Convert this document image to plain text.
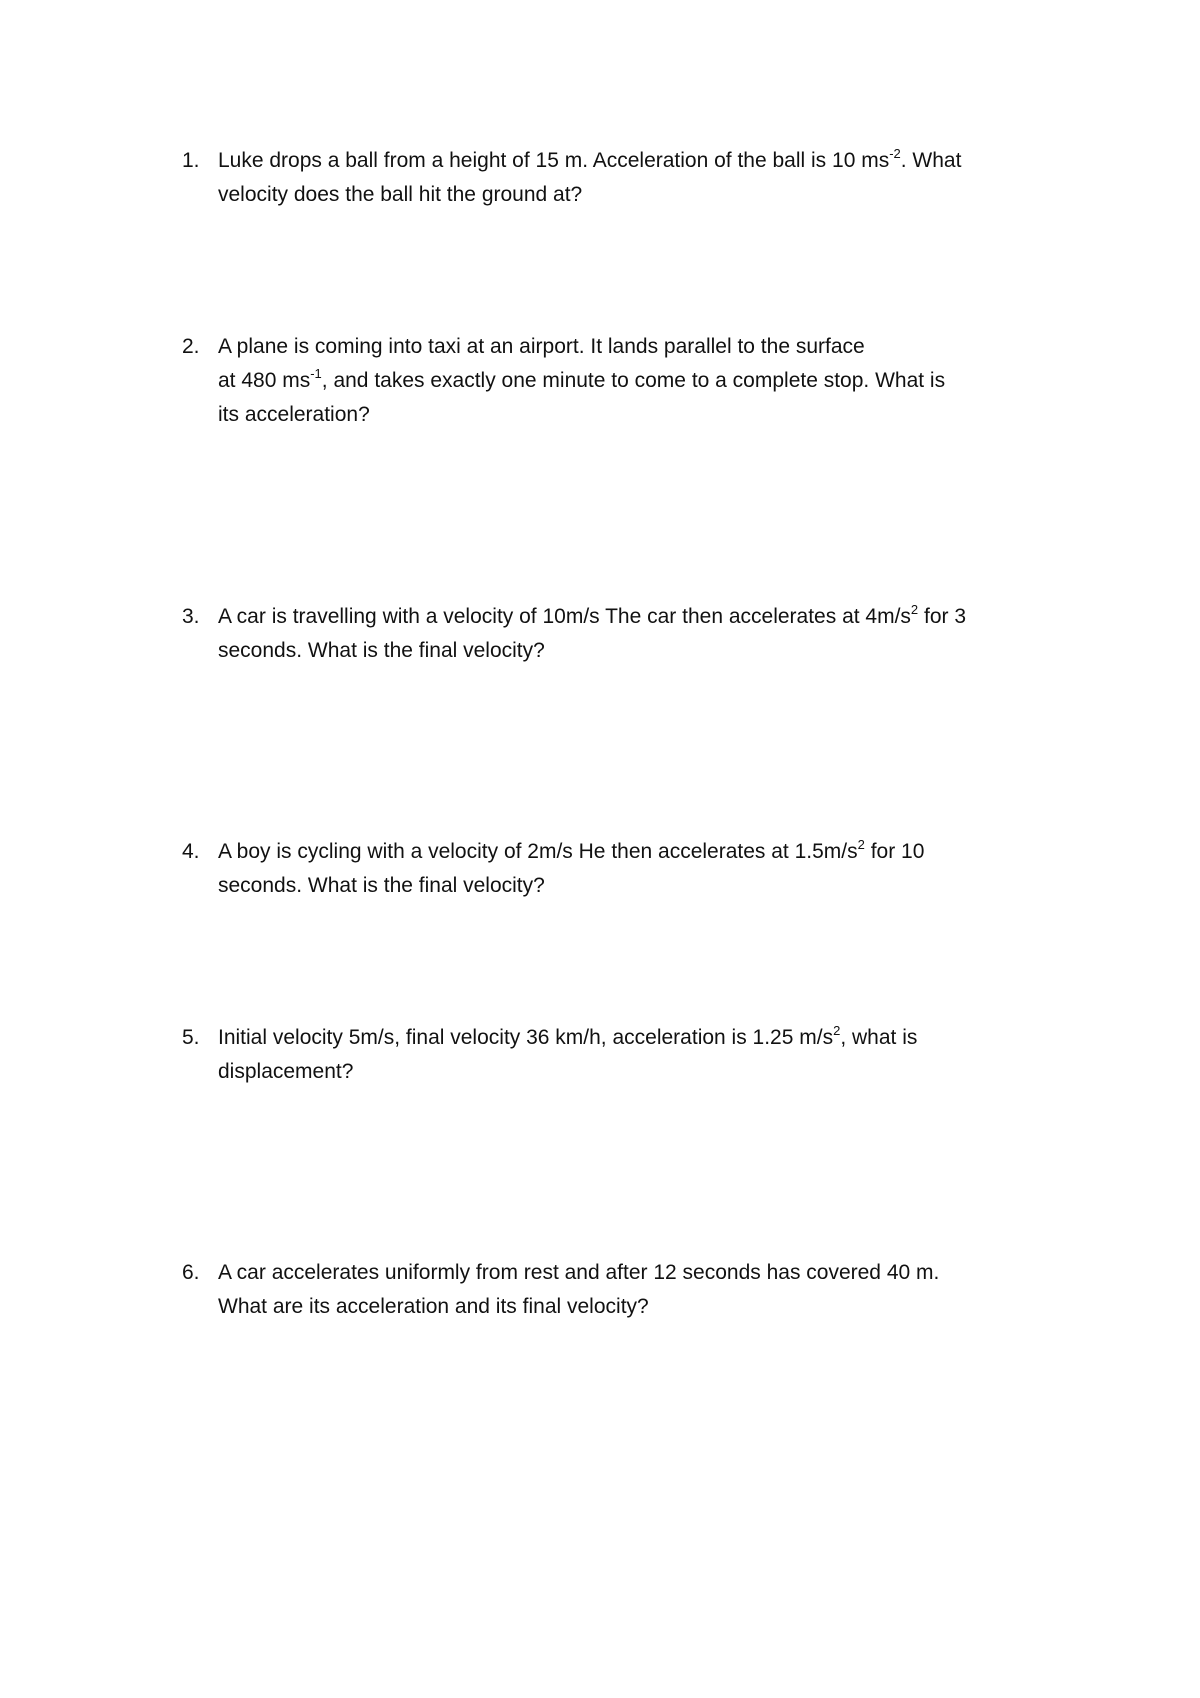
1. Luke drops a ball from a height of 15 m. Acceleration of the ball is 10 $ms^{-2}$. What
velocity does the ball hit the ground at?
2. A plane is coming into taxi at an airport. It lands parallel to the surface
at 480 $ms^{-1}$, and takes exactly one minute to come to a complete stop. What is
its acceleration?
3. A car is travelling with a velocity of 10m/s The car then accelerates at $4m/s^2$ for 3
seconds. What is the final velocity?
4. A boy is cycling with a velocity of 2m/s He then accelerates at $1.5m/s^2$ for 10
seconds. What is the final velocity?
5. Initial velocity 5m/s, final velocity 36 km/h, acceleration is 1.25 $m/s^2$, what is
displacement?
6. A car accelerates uniformly from rest and after 12 seconds has covered 40 m.
What are its acceleration and its final velocity?
